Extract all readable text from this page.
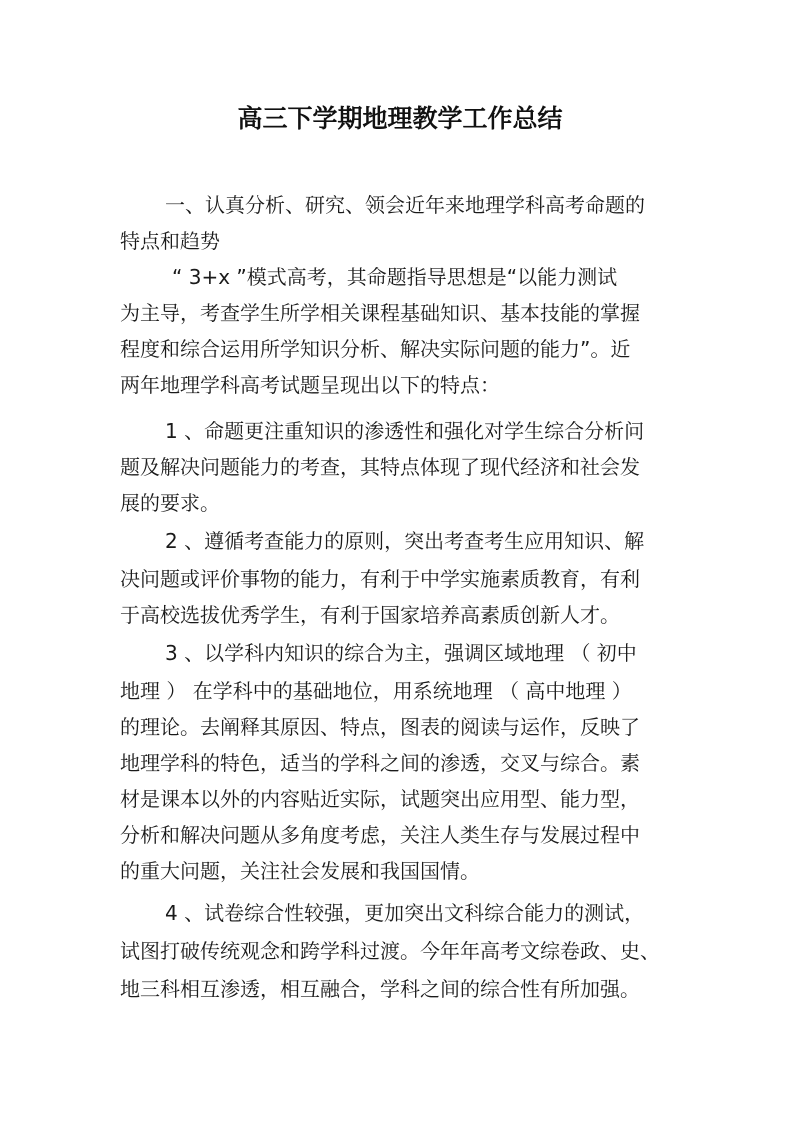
高三下学期地理教学工作总结

一、认真分析、研究、领会近年来地理学科高考命题的

特点和趋势

“ 3+x ”模式高考，其命题指导思想是“以能力测试

为主导，考查学生所学相关课程基础知识、基本技能的掌握

程度和综合运用所学知识分析、解决实际问题的能力”。近

两年地理学科高考试题呈现出以下的特点：

1 、命题更注重知识的渗透性和强化对学生综合分析问

题及解决问题能力的考查，其特点体现了现代经济和社会发

展的要求。

2 、遵循考查能力的原则，突出考查考生应用知识、解

决问题或评价事物的能力，有利于中学实施素质教育，有利

于高校选拔优秀学生，有利于国家培养高素质创新人才。

3 、以学科内知识的综合为主，强调区域地理 （ 初中

地理 ） 在学科中的基础地位，用系统地理 （ 高中地理 ）

的理论。去阐释其原因、特点，图表的阅读与运作，反映了

地理学科的特色，适当的学科之间的渗透，交叉与综合。素

材是课本以外的内容贴近实际，试题突出应用型、能力型，

分析和解决问题从多角度考虑，关注人类生存与发展过程中

的重大问题，关注社会发展和我国国情。

4 、试卷综合性较强，更加突出文科综合能力的测试，

试图打破传统观念和跨学科过渡。今年年高考文综卷政、史、

地三科相互渗透，相互融合，学科之间的综合性有所加强。
